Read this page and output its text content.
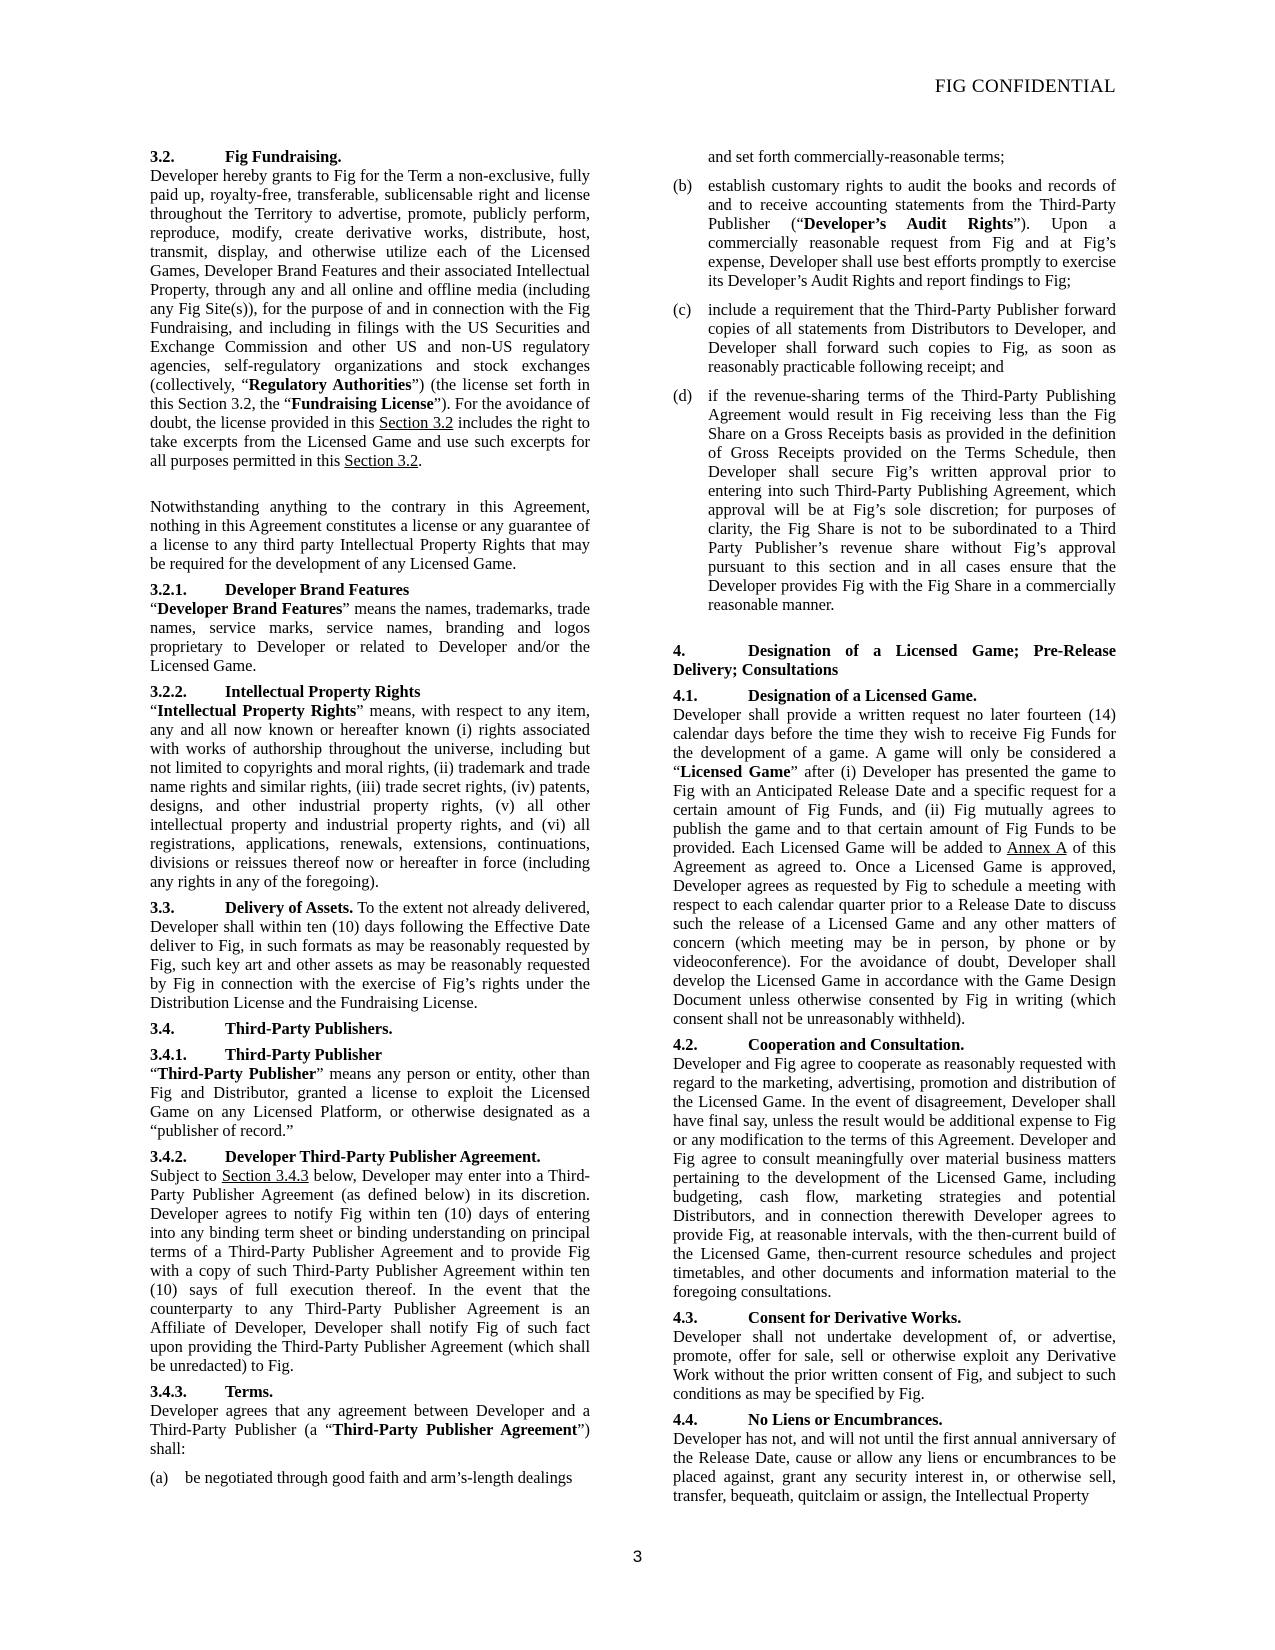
FIG CONFIDENTIAL
3.2.	Fig Fundraising.
Developer hereby grants to Fig for the Term a non-exclusive, fully paid up, royalty-free, transferable, sublicensable right and license throughout the Territory to advertise, promote, publicly perform, reproduce, modify, create derivative works, distribute, host, transmit, display, and otherwise utilize each of the Licensed Games, Developer Brand Features and their associated Intellectual Property, through any and all online and offline media (including any Fig Site(s)), for the purpose of and in connection with the Fig Fundraising, and including in filings with the US Securities and Exchange Commission and other US and non-US regulatory agencies, self-regulatory organizations and stock exchanges (collectively, “Regulatory Authorities”) (the license set forth in this Section 3.2, the “Fundraising License”). For the avoidance of doubt, the license provided in this Section 3.2 includes the right to take excerpts from the Licensed Game and use such excerpts for all purposes permitted in this Section 3.2.
Notwithstanding anything to the contrary in this Agreement, nothing in this Agreement constitutes a license or any guarantee of a license to any third party Intellectual Property Rights that may be required for the development of any Licensed Game.
3.2.1. Developer Brand Features
“Developer Brand Features” means the names, trademarks, trade names, service marks, service names, branding and logos proprietary to Developer or related to Developer and/or the Licensed Game.
3.2.2. Intellectual Property Rights
“Intellectual Property Rights” means, with respect to any item, any and all now known or hereafter known (i) rights associated with works of authorship throughout the universe, including but not limited to copyrights and moral rights, (ii) trademark and trade name rights and similar rights, (iii) trade secret rights, (iv) patents, designs, and other industrial property rights, (v) all other intellectual property and industrial property rights, and (vi) all registrations, applications, renewals, extensions, continuations, divisions or reissues thereof now or hereafter in force (including any rights in any of the foregoing).
3.3.	Delivery of Assets. To the extent not already delivered, Developer shall within ten (10) days following the Effective Date deliver to Fig, in such formats as may be reasonably requested by Fig, such key art and other assets as may be reasonably requested by Fig in connection with the exercise of Fig’s rights under the Distribution License and the Fundraising License.
3.4.	Third-Party Publishers.
3.4.1. Third-Party Publisher
“Third-Party Publisher” means any person or entity, other than Fig and Distributor, granted a license to exploit the Licensed Game on any Licensed Platform, or otherwise designated as a “publisher of record.”
3.4.2. Developer Third-Party Publisher Agreement.
Subject to Section 3.4.3 below, Developer may enter into a Third-Party Publisher Agreement (as defined below) in its discretion. Developer agrees to notify Fig within ten (10) days of entering into any binding term sheet or binding understanding on principal terms of a Third-Party Publisher Agreement and to provide Fig with a copy of such Third-Party Publisher Agreement within ten (10) says of full execution thereof. In the event that the counterparty to any Third-Party Publisher Agreement is an Affiliate of Developer, Developer shall notify Fig of such fact upon providing the Third-Party Publisher Agreement (which shall be unredacted) to Fig.
3.4.3. Terms.
Developer agrees that any agreement between Developer and a Third-Party Publisher (a “Third-Party Publisher Agreement”) shall:
(a)	be negotiated through good faith and arm’s-length dealings
and set forth commercially-reasonable terms;
(b) establish customary rights to audit the books and records of and to receive accounting statements from the Third-Party Publisher (“Developer’s Audit Rights”). Upon a commercially reasonable request from Fig and at Fig’s expense, Developer shall use best efforts promptly to exercise its Developer’s Audit Rights and report findings to Fig;
(c)	include a requirement that the Third-Party Publisher forward copies of all statements from Distributors to Developer, and Developer shall forward such copies to Fig, as soon as reasonably practicable following receipt; and
(d) if the revenue-sharing terms of the Third-Party Publishing Agreement would result in Fig receiving less than the Fig Share on a Gross Receipts basis as provided in the definition of Gross Receipts provided on the Terms Schedule, then Developer shall secure Fig’s written approval prior to entering into such Third-Party Publishing Agreement, which approval will be at Fig’s sole discretion; for purposes of clarity, the Fig Share is not to be subordinated to a Third Party Publisher’s revenue share without Fig’s approval pursuant to this section and in all cases ensure that the Developer provides Fig with the Fig Share in a commercially reasonable manner.
4.	Designation of a Licensed Game; Pre-Release Delivery; Consultations
4.1.	Designation of a Licensed Game.
Developer shall provide a written request no later fourteen (14) calendar days before the time they wish to receive Fig Funds for the development of a game. A game will only be considered a “Licensed Game” after (i) Developer has presented the game to Fig with an Anticipated Release Date and a specific request for a certain amount of Fig Funds, and (ii) Fig mutually agrees to publish the game and to that certain amount of Fig Funds to be provided. Each Licensed Game will be added to Annex A of this Agreement as agreed to. Once a Licensed Game is approved, Developer agrees as requested by Fig to schedule a meeting with respect to each calendar quarter prior to a Release Date to discuss such the release of a Licensed Game and any other matters of concern (which meeting may be in person, by phone or by videoconference). For the avoidance of doubt, Developer shall develop the Licensed Game in accordance with the Game Design Document unless otherwise consented by Fig in writing (which consent shall not be unreasonably withheld).
4.2.	Cooperation and Consultation.
Developer and Fig agree to cooperate as reasonably requested with regard to the marketing, advertising, promotion and distribution of the Licensed Game. In the event of disagreement, Developer shall have final say, unless the result would be additional expense to Fig or any modification to the terms of this Agreement. Developer and Fig agree to consult meaningfully over material business matters pertaining to the development of the Licensed Game, including budgeting, cash flow, marketing strategies and potential Distributors, and in connection therewith Developer agrees to provide Fig, at reasonable intervals, with the then-current build of the Licensed Game, then-current resource schedules and project timetables, and other documents and information material to the foregoing consultations.
4.3.	Consent for Derivative Works.
Developer shall not undertake development of, or advertise, promote, offer for sale, sell or otherwise exploit any Derivative Work without the prior written consent of Fig, and subject to such conditions as may be specified by Fig.
4.4.	No Liens or Encumbrances.
Developer has not, and will not until the first annual anniversary of the Release Date, cause or allow any liens or encumbrances to be placed against, grant any security interest in, or otherwise sell, transfer, bequeath, quitclaim or assign, the Intellectual Property
3
